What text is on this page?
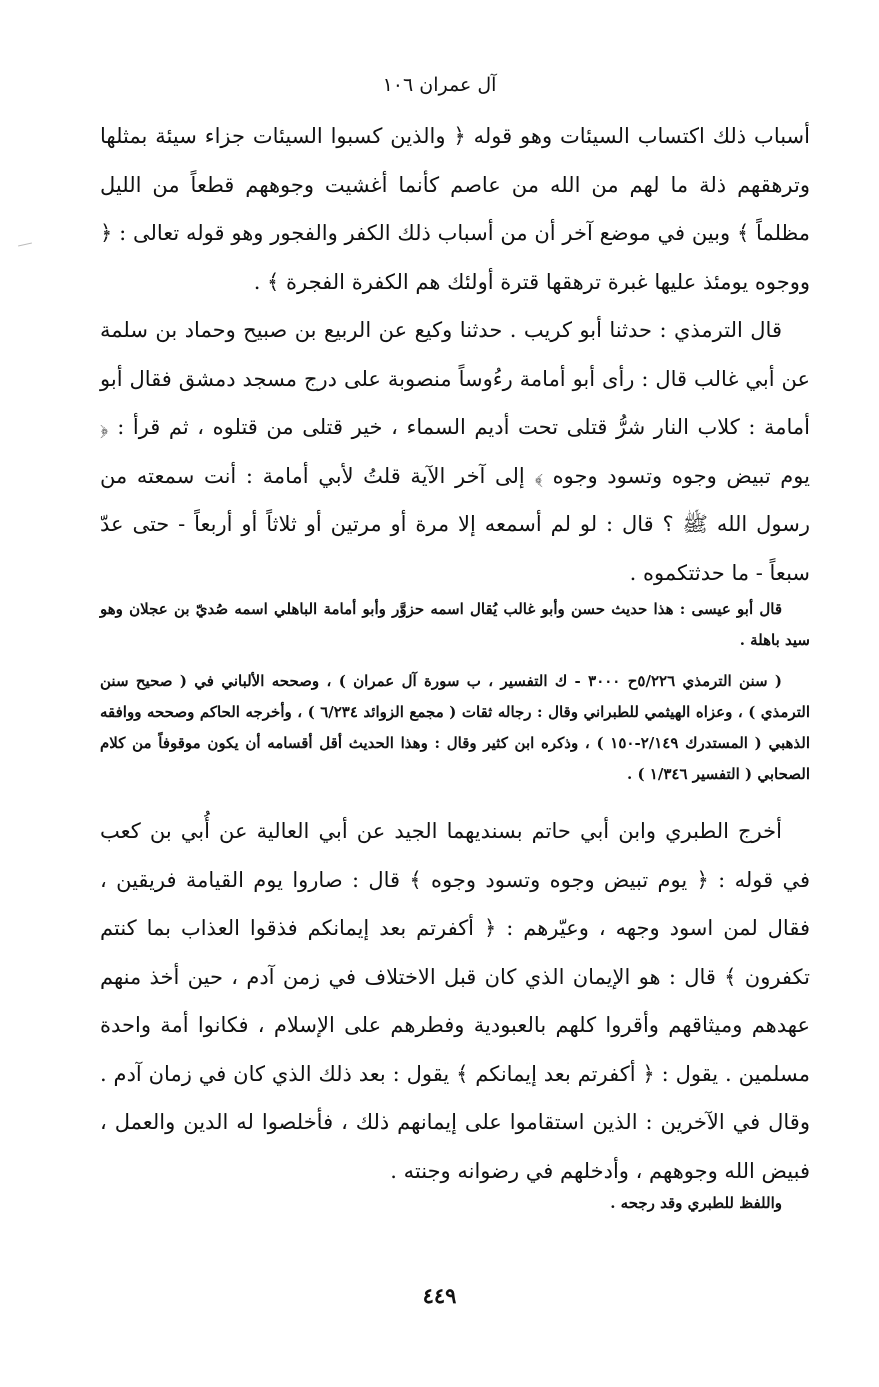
آل عمران ١٠٦

أسباب ذلك اكتساب السيئات وهو قوله ﴿ والذين كسبوا السيئات جزاء سيئة بمثلها وترهقهم ذلة ما لهم من الله من عاصم كأنما أغشيت وجوههم قطعاً من الليل مظلماً ﴾ وبين في موضع آخر أن من أسباب ذلك الكفر والفجور وهو قوله تعالى : ﴿ ووجوه يومئذ عليها غبرة ترهقها قترة أولئك هم الكفرة الفجرة ﴾ .

قال الترمذي : حدثنا أبو كريب . حدثنا وكيع عن الربيع بن صبيح وحماد بن سلمة عن أبي غالب قال : رأى أبو أمامة رءُوساً منصوبة على درج مسجد دمشق فقال أبو أمامة : كلاب النار شرُّ قتلى تحت أديم السماء ، خير قتلى من قتلوه ، ثم قرأ : ﴿ يوم تبيض وجوه وتسود وجوه ﴾ إلى آخر الآية قلتُ لأبي أمامة : أنت سمعته من رسول الله ﷺ ؟ قال : لو لم أسمعه إلا مرة أو مرتين أو ثلاثاً أو أربعاً - حتى عدّ سبعاً - ما حدثتكموه .

قال أبو عيسى : هذا حديث حسن وأبو غالب يُقال اسمه حزوَّر وأبو أمامة الباهلي اسمه صُديّ بن عجلان وهو سيد باهلة .

( سنن الترمذي ٥/٢٢٦ح ٣٠٠٠ - ك التفسير ، ب سورة آل عمران ) ، وصححه الألباني في ( صحيح سنن الترمذي ) ، وعزاه الهيثمي للطبراني وقال : رجاله ثقات ( مجمع الزوائد ٦/٢٣٤ ) ، وأخرجه الحاكم وصححه ووافقه الذهبي ( المستدرك ٢/١٤٩-١٥٠ ) ، وذكره ابن كثير وقال : وهذا الحديث أقل أقسامه أن يكون موقوفاً من كلام الصحابي ( التفسير ١/٣٤٦ ) .

أخرج الطبري وابن أبي حاتم بسنديهما الجيد عن أبي العالية عن أُبي بن كعب في قوله : ﴿ يوم تبيض وجوه وتسود وجوه ﴾ قال : صاروا يوم القيامة فريقين ، فقال لمن اسود وجهه ، وعيّرهم : ﴿ أكفرتم بعد إيمانكم فذقوا العذاب بما كنتم تكفرون ﴾ قال : هو الإيمان الذي كان قبل الاختلاف في زمن آدم ، حين أخذ منهم عهدهم وميثاقهم وأقروا كلهم بالعبودية وفطرهم على الإسلام ، فكانوا أمة واحدة مسلمين . يقول : ﴿ أكفرتم بعد إيمانكم ﴾ يقول : بعد ذلك الذي كان في زمان آدم . وقال في الآخرين : الذين استقاموا على إيمانهم ذلك ، فأخلصوا له الدين والعمل ، فبيض الله وجوههم ، وأدخلهم في رضوانه وجنته .

واللفظ للطبري وقد رجحه .
٤٤٩
